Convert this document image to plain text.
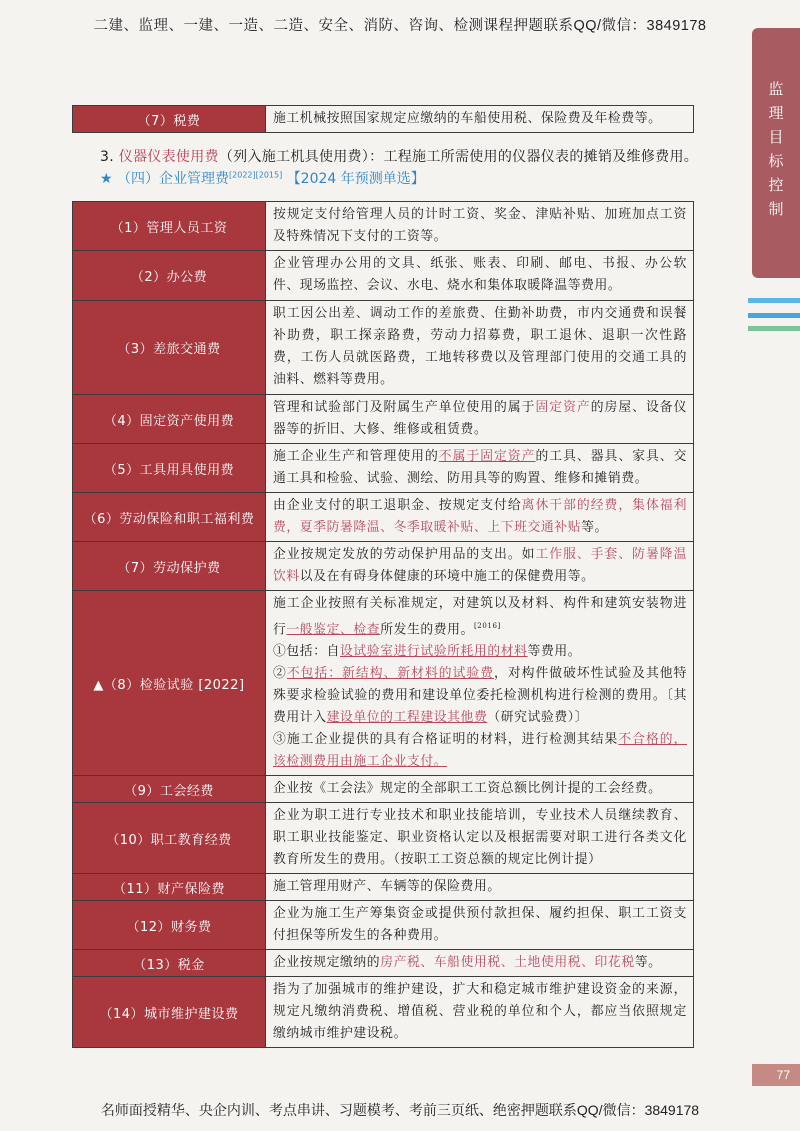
二建、监理、一建、一造、二造、安全、消防、咨询、检测课程押题联系QQ/微信：3849178
监理目标控制
（7）税费	施工机械按照国家规定应缴纳的车船使用税、保险费及年检费等。
3. 仪器仪表使用费（列入施工机具使用费）：工程施工所需使用的仪器仪表的摊销及维修费用。
★ （四）企业管理费[2022][2015] 【2024 年预测单选】
（1）管理人员工资	按规定支付给管理人员的计时工资、奖金、津贴补贴、加班加点工资及特殊情况下支付的工资等。
（2）办公费	企业管理办公用的文具、纸张、账表、印刷、邮电、书报、办公软件、现场监控、会议、水电、烧水和集体取暖降温等费用。
（3）差旅交通费	职工因公出差、调动工作的差旅费、住勤补助费，市内交通费和误餐补助费，职工探亲路费，劳动力招募费，职工退休、退职一次性路费，工伤人员就医路费，工地转移费以及管理部门使用的交通工具的油料、燃料等费用。
（4）固定资产使用费	管理和试验部门及附属生产单位使用的属于固定资产的房屋、设备仪器等的折旧、大修、维修或租赁费。
（5）工具用具使用费	施工企业生产和管理使用的不属于固定资产的工具、器具、家具、交通工具和检验、试验、测绘、防用具等的购置、维修和摊销费。
（6）劳动保险和职工福利费	由企业支付的职工退职金、按规定支付给离休干部的经费，集体福利费，夏季防暑降温、冬季取暖补贴、上下班交通补贴等。
（7）劳动保护费	企业按规定发放的劳动保护用品的支出。如工作服、手套、防暑降温饮料以及在有碍身体健康的环境中施工的保健费用等。
▲（8）检验试验 [2022]	施工企业按照有关标准规定，对建筑以及材料、构件和建筑安装物进行一般鉴定、检查所发生的费用。[2016]
①包括：自设试验室进行试验所耗用的材料等费用。
②不包括：新结构、新材料的试验费，对构件做破坏性试验及其他特殊要求检验试验的费用和建设单位委托检测机构进行检测的费用。〔其费用计入建设单位的工程建设其他费（研究试验费）〕
③施工企业提供的具有合格证明的材料，进行检测其结果不合格的，该检测费用由施工企业支付。

（9）工会经费	企业按《工会法》规定的全部职工工资总额比例计提的工会经费。
（10）职工教育经费	企业为职工进行专业技术和职业技能培训，专业技术人员继续教育、职工职业技能鉴定、职业资格认定以及根据需要对职工进行各类文化教育所发生的费用。（按职工工资总额的规定比例计提）
（11）财产保险费	施工管理用财产、车辆等的保险费用。
（12）财务费	企业为施工生产筹集资金或提供预付款担保、履约担保、职工工资支付担保等所发生的各种费用。
（13）税金	企业按规定缴纳的房产税、车船使用税、土地使用税、印花税等。
（14）城市维护建设费	指为了加强城市的维护建设，扩大和稳定城市维护建设资金的来源，规定凡缴纳消费税、增值税、营业税的单位和个人，都应当依照规定缴纳城市维护建设税。
77
名师面授精华、央企内训、考点串讲、习题模考、考前三页纸、绝密押题联系QQ/微信：3849178
